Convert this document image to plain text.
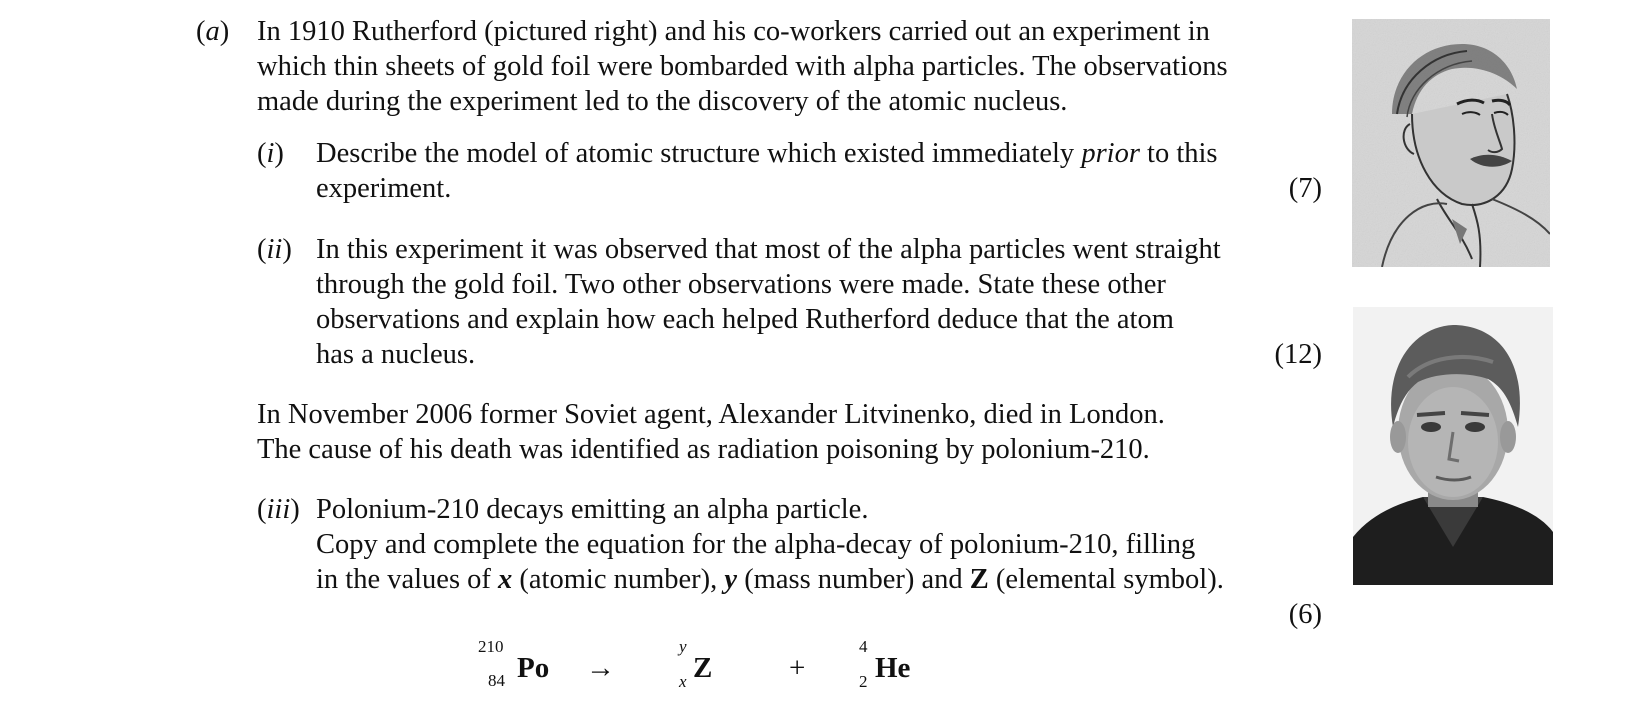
(a) In 1910 Rutherford (pictured right) and his co-workers carried out an experiment in
which thin sheets of gold foil were bombarded with alpha particles. The observations
made during the experiment led to the discovery of the atomic nucleus.
(i) Describe the model of atomic structure which existed immediately prior to this
experiment.	(7)
(ii) In this experiment it was observed that most of the alpha particles went straight
through the gold foil. Two other observations were made. State these other
observations and explain how each helped Rutherford deduce that the atom
has a nucleus.	(12)
In November 2006 former Soviet agent, Alexander Litvinenko, died in London.
The cause of his death was identified as radiation poisoning by polonium-210.
(iii) Polonium-210 decays emitting an alpha particle.
Copy and complete the equation for the alpha-decay of polonium-210, filling
in the values of x (atomic number), y (mass number) and Z (elemental symbol).
(6)
210
84 Po →
y
x Z	+
4
2 He
